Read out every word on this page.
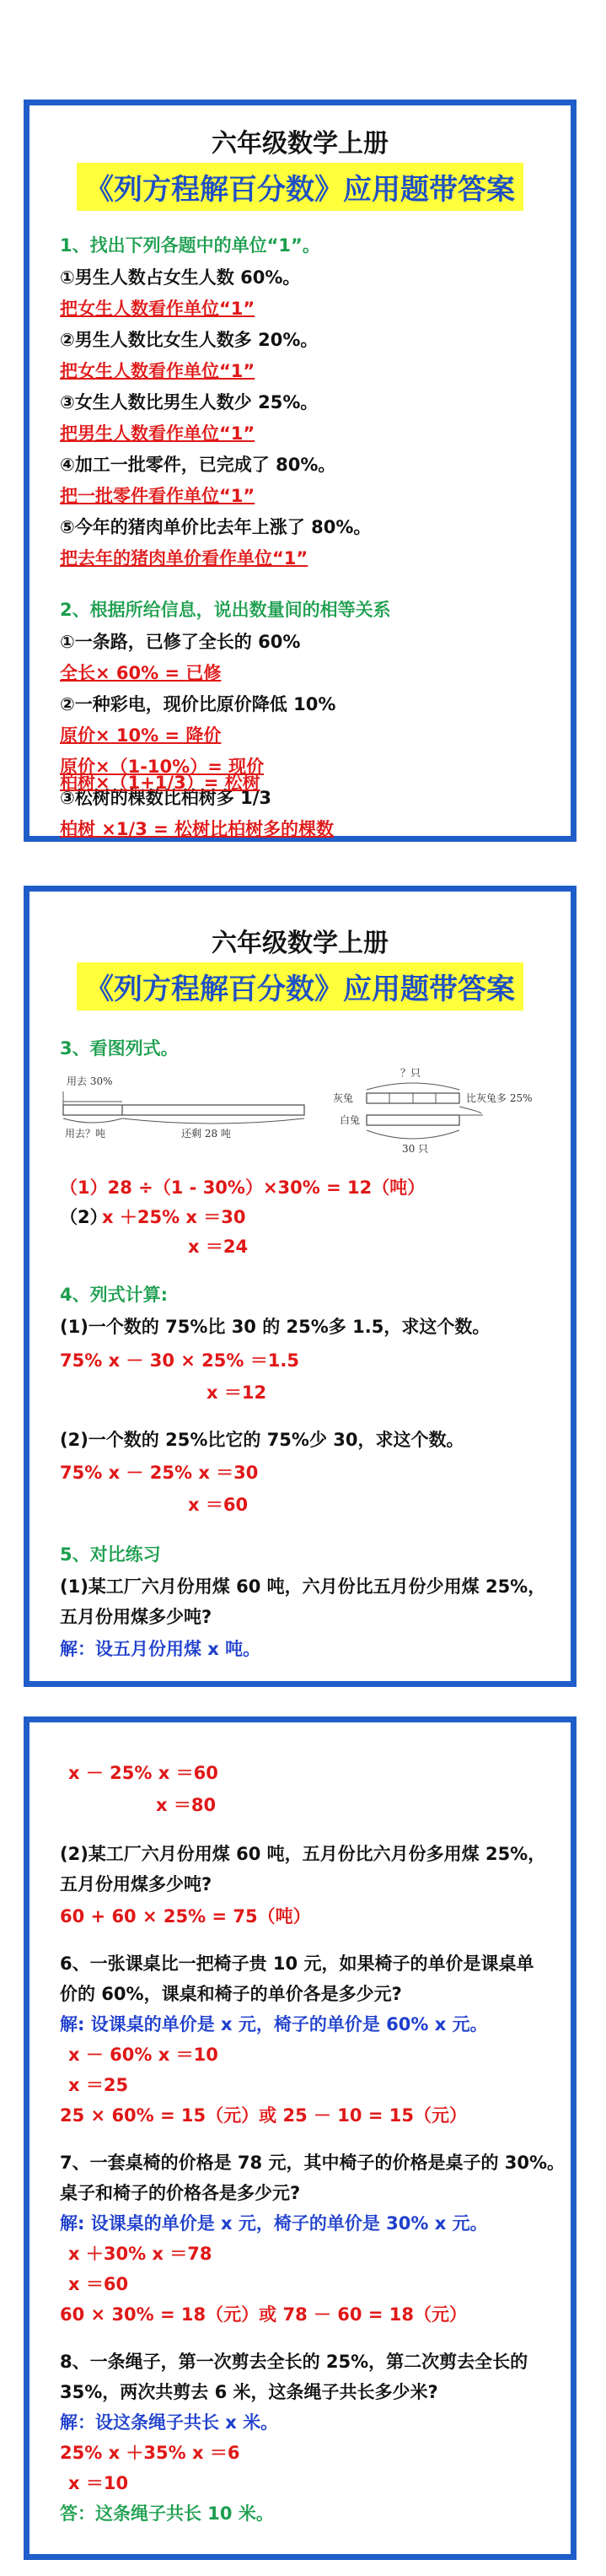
六年级数学上册
《列方程解百分数》应用题带答案
1、找出下列各题中的单位“1”。
①男生人数占女生人数 60%。
把女生人数看作单位“1”
②男生人数比女生人数多 20%。
把女生人数看作单位“1”
③女生人数比男生人数少 25%。
把男生人数看作单位“1”
④加工一批零件，已完成了 80%。
把一批零件看作单位“1”
⑤今年的猪肉单价比去年上涨了 80%。
把去年的猪肉单价看作单位“1”
2、根据所给信息，说出数量间的相等关系
①一条路，已修了全长的 60%
全长× 60% = 已修
②一种彩电，现价比原价降低 10%
原价× 10% = 降价
原价×（1-10%）= 现价
③松树的棵数比柏树多 1/3
柏树 ×1/3 = 松树比柏树多的棵数
柏树×（1+1/3）= 松树
六年级数学上册
《列方程解百分数》应用题带答案
3、看图列式。
用去 30%
用去？吨	还剩 28 吨
？只
灰兔	比灰兔多 25%
白兔
30 只
（1）28 ÷（1 - 30%）×30% = 12（吨）
（2）
x ＋25% x ＝30
x ＝24
4、列式计算:
(1)一个数的 75%比 30 的 25%多 1.5，求这个数。
75% x － 30 × 25% ＝1.5
x ＝12
(2)一个数的 25%比它的 75%少 30，求这个数。
75% x － 25% x ＝30
x ＝60
5、对比练习
(1)某工厂六月份用煤 60 吨，六月份比五月份少用煤 25%，
五月份用煤多少吨?
解：设五月份用煤 x 吨。
x － 25% x ＝60
x ＝80
(2)某工厂六月份用煤 60 吨，五月份比六月份多用煤 25%，
五月份用煤多少吨?
60 + 60 × 25% = 75（吨）
6、一张课桌比一把椅子贵 10 元，如果椅子的单价是课桌单
价的 60%，课桌和椅子的单价各是多少元?
解: 设课桌的单价是 x 元，椅子的单价是 60% x 元。
x － 60% x ＝10
x ＝25
25 × 60% = 15（元）或 25 － 10 = 15（元）
7、一套桌椅的价格是 78 元，其中椅子的价格是桌子的 30%。
桌子和椅子的价格各是多少元?
解: 设课桌的单价是 x 元，椅子的单价是 30% x 元。
x ＋30% x ＝78
x ＝60
60 × 30% = 18（元）或 78 － 60 = 18（元）
8、一条绳子，第一次剪去全长的 25%，第二次剪去全长的
35%，两次共剪去 6 米，这条绳子共长多少米?
解：设这条绳子共长 x 米。
25% x ＋35% x ＝6
x ＝10
答：这条绳子共长 10 米。
